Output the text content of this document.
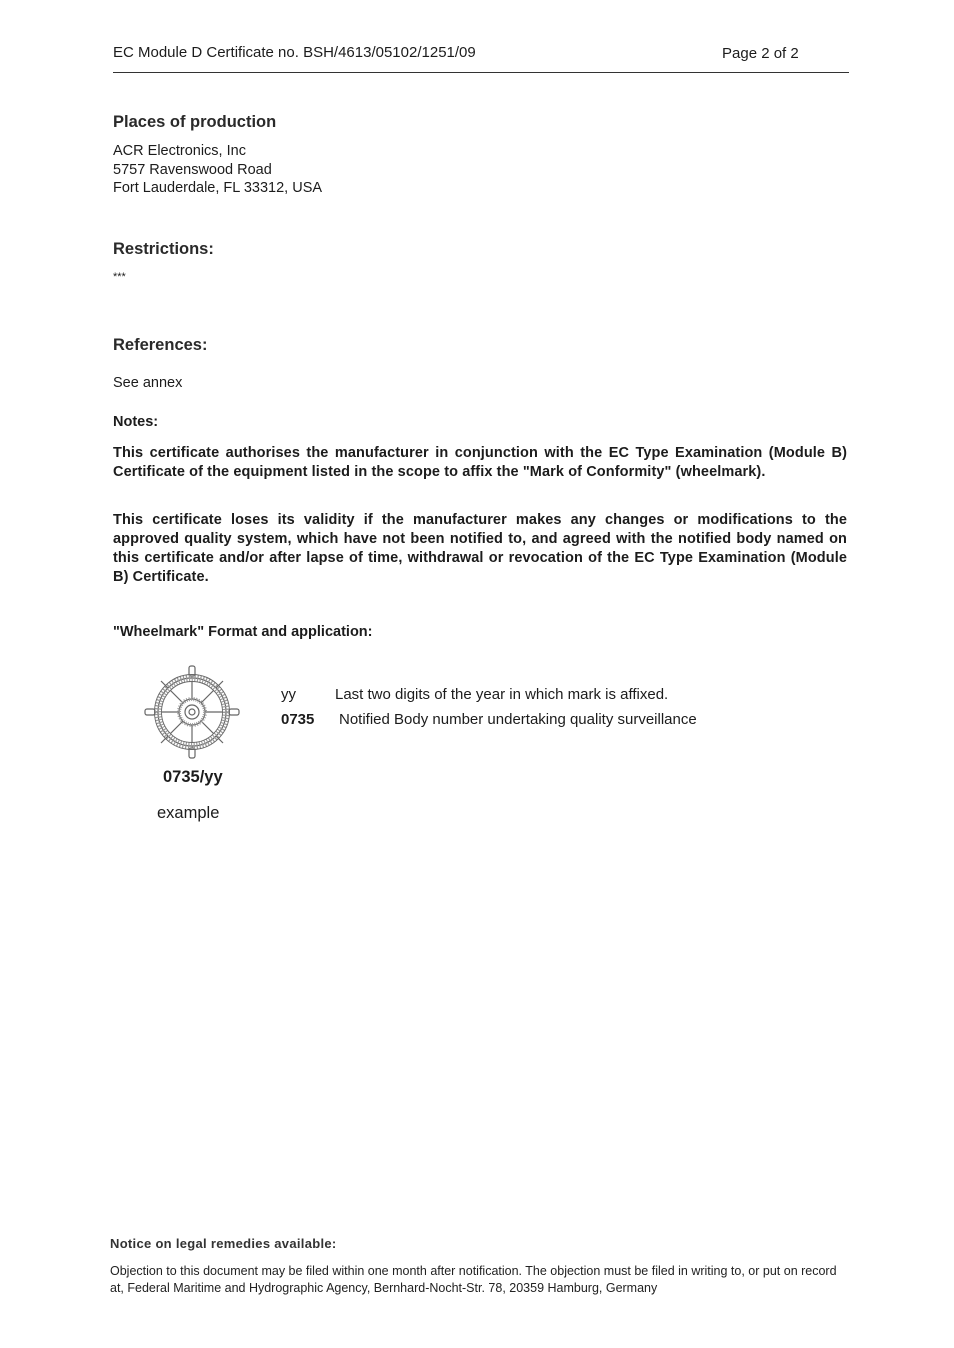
EC Module D Certificate no. BSH/4613/05102/1251/09	Page 2 of 2
Places of production
ACR Electronics, Inc
5757 Ravenswood Road
Fort Lauderdale, FL 33312, USA
Restrictions:
***
References:
See annex
Notes:
This certificate authorises the manufacturer in conjunction with the EC Type Examination (Module B) Certificate of the equipment listed in the scope to affix the "Mark of Conformity" (wheelmark).
This certificate loses its validity if the manufacturer makes any changes or modifications to the approved quality system, which have not been notified to, and agreed with the notified body named on this certificate and/or after lapse of time, withdrawal or revocation of the EC Type Examination (Module B) Certificate.
"Wheelmark" Format and application:
0735/yy
example
yy	Last two digits of the year in which mark is affixed.
0735 Notified Body number undertaking quality surveillance
Notice on legal remedies available:
Objection to this document may be filed within one month after notification. The objection must be filed in writing to, or put on record at, Federal Maritime and Hydrographic Agency, Bernhard-Nocht-Str. 78, 20359 Hamburg, Germany
